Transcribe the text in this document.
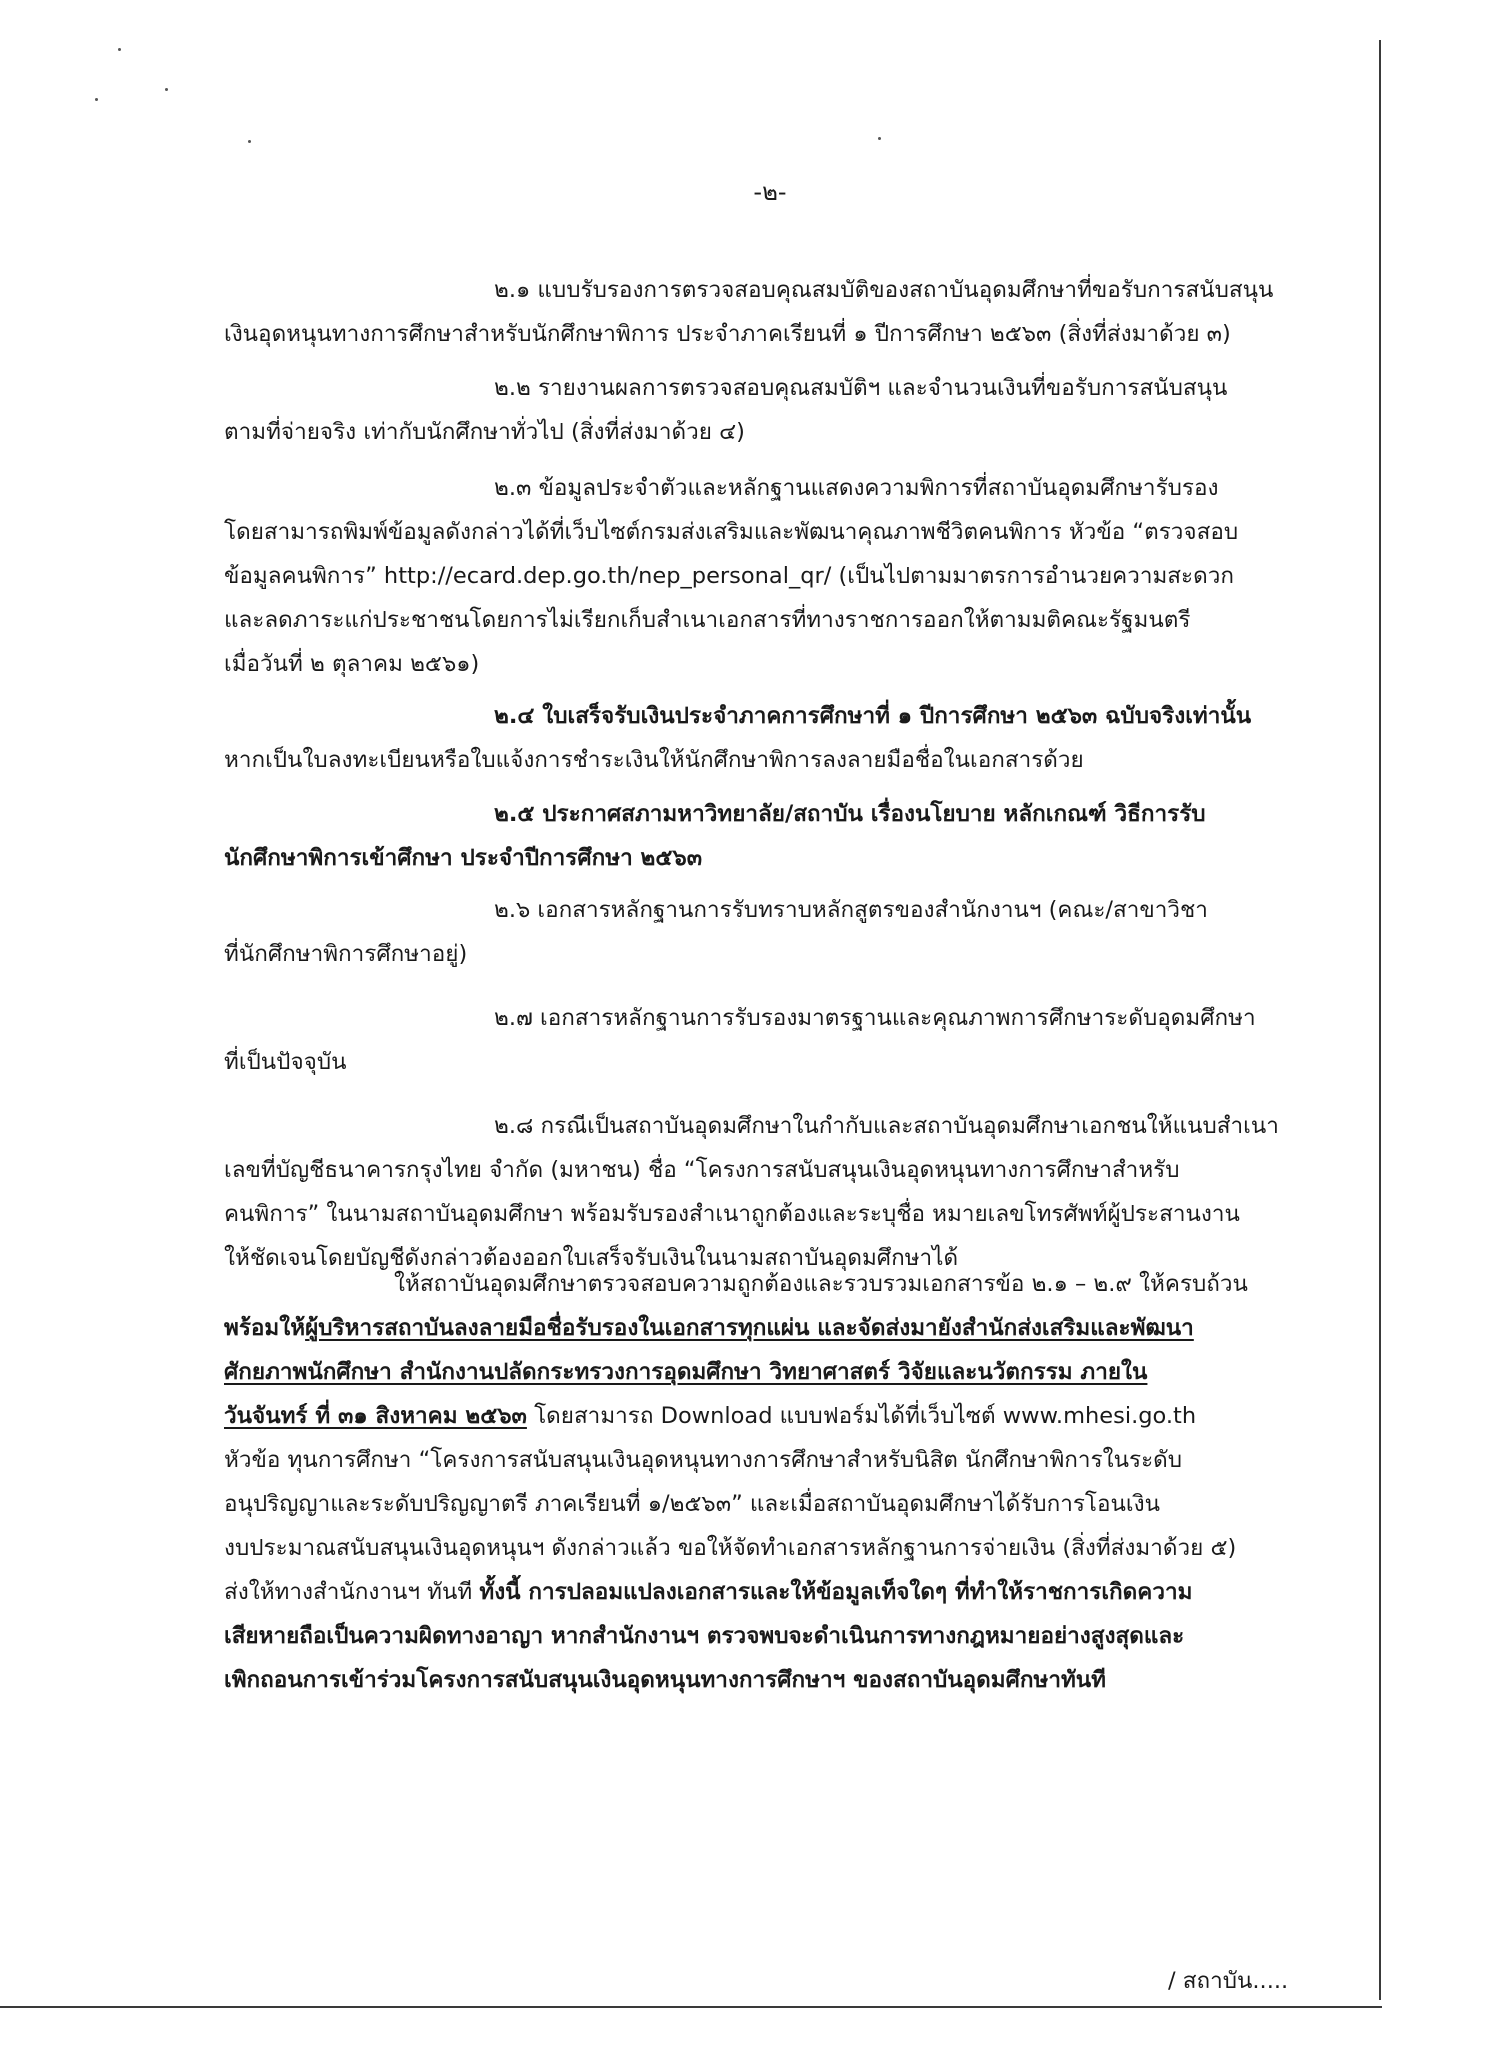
-๒-
๒.๑ แบบรับรองการตรวจสอบคุณสมบัติของสถาบันอุดมศึกษาที่ขอรับการสนับสนุน
เงินอุดหนุนทางการศึกษาสำหรับนักศึกษาพิการ ประจำภาคเรียนที่ ๑ ปีการศึกษา ๒๕๖๓ (สิ่งที่ส่งมาด้วย ๓)
๒.๒ รายงานผลการตรวจสอบคุณสมบัติฯ และจำนวนเงินที่ขอรับการสนับสนุน
ตามที่จ่ายจริง เท่ากับนักศึกษาทั่วไป (สิ่งที่ส่งมาด้วย ๔)
๒.๓ ข้อมูลประจำตัวและหลักฐานแสดงความพิการที่สถาบันอุดมศึกษารับรอง
โดยสามารถพิมพ์ข้อมูลดังกล่าวได้ที่เว็บไซต์กรมส่งเสริมและพัฒนาคุณภาพชีวิตคนพิการ หัวข้อ “ตรวจสอบ
ข้อมูลคนพิการ” http://ecard.dep.go.th/nep_personal_qr/ (เป็นไปตามมาตรการอำนวยความสะดวก
และลดภาระแก่ประชาชนโดยการไม่เรียกเก็บสำเนาเอกสารที่ทางราชการออกให้ตามมติคณะรัฐมนตรี
เมื่อวันที่ ๒ ตุลาคม ๒๕๖๑)
๒.๔ ใบเสร็จรับเงินประจำภาคการศึกษาที่ ๑ ปีการศึกษา ๒๕๖๓ ฉบับจริงเท่านั้น
หากเป็นใบลงทะเบียนหรือใบแจ้งการชำระเงินให้นักศึกษาพิการลงลายมือชื่อในเอกสารด้วย
๒.๕ ประกาศสภามหาวิทยาลัย/สถาบัน เรื่องนโยบาย หลักเกณฑ์ วิธีการรับ
นักศึกษาพิการเข้าศึกษา ประจำปีการศึกษา ๒๕๖๓
๒.๖ เอกสารหลักฐานการรับทราบหลักสูตรของสำนักงานฯ (คณะ/สาขาวิชา
ที่นักศึกษาพิการศึกษาอยู่)
๒.๗ เอกสารหลักฐานการรับรองมาตรฐานและคุณภาพการศึกษาระดับอุดมศึกษา
ที่เป็นปัจจุบัน
๒.๘ กรณีเป็นสถาบันอุดมศึกษาในกำกับและสถาบันอุดมศึกษาเอกชนให้แนบสำเนา
เลขที่บัญชีธนาคารกรุงไทย จำกัด (มหาชน) ชื่อ “โครงการสนับสนุนเงินอุดหนุนทางการศึกษาสำหรับ
คนพิการ” ในนามสถาบันอุดมศึกษา พร้อมรับรองสำเนาถูกต้องและระบุชื่อ หมายเลขโทรศัพท์ผู้ประสานงาน
ให้ชัดเจนโดยบัญชีดังกล่าวต้องออกใบเสร็จรับเงินในนามสถาบันอุดมศึกษาได้
ให้สถาบันอุดมศึกษาตรวจสอบความถูกต้องและรวบรวมเอกสารข้อ ๒.๑ – ๒.๙ ให้ครบถ้วน
พร้อมให้ผู้บริหารสถาบันลงลายมือชื่อรับรองในเอกสารทุกแผ่น และจัดส่งมายังสำนักส่งเสริมและพัฒนา
ศักยภาพนักศึกษา สำนักงานปลัดกระทรวงการอุดมศึกษา วิทยาศาสตร์ วิจัยและนวัตกรรม ภายใน
วันจันทร์ ที่ ๓๑ สิงหาคม ๒๕๖๓ โดยสามารถ Download แบบฟอร์มได้ที่เว็บไซต์ www.mhesi.go.th
หัวข้อ ทุนการศึกษา “โครงการสนับสนุนเงินอุดหนุนทางการศึกษาสำหรับนิสิต นักศึกษาพิการในระดับ
อนุปริญญาและระดับปริญญาตรี ภาคเรียนที่ ๑/๒๕๖๓” และเมื่อสถาบันอุดมศึกษาได้รับการโอนเงิน
งบประมาณสนับสนุนเงินอุดหนุนฯ ดังกล่าวแล้ว ขอให้จัดทำเอกสารหลักฐานการจ่ายเงิน (สิ่งที่ส่งมาด้วย ๕)
ส่งให้ทางสำนักงานฯ ทันที ทั้งนี้ การปลอมแปลงเอกสารและให้ข้อมูลเท็จใดๆ ที่ทำให้ราชการเกิดความ
เสียหายถือเป็นความผิดทางอาญา หากสำนักงานฯ ตรวจพบจะดำเนินการทางกฎหมายอย่างสูงสุดและ
เพิกถอนการเข้าร่วมโครงการสนับสนุนเงินอุดหนุนทางการศึกษาฯ ของสถาบันอุดมศึกษาทันที
/ สถาบัน.....
